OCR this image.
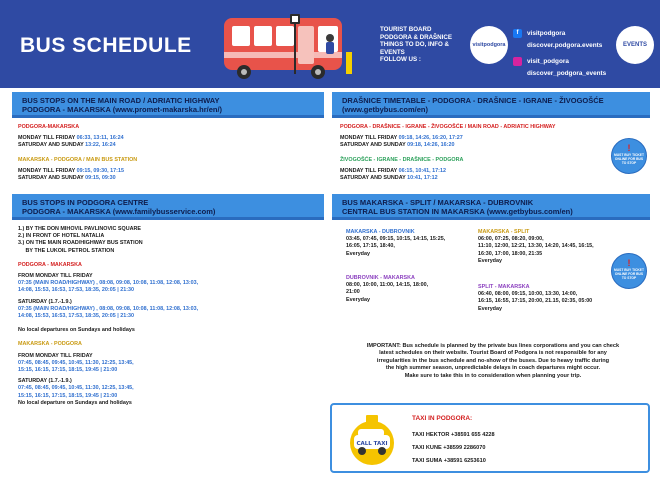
BUS SCHEDULE
TOURIST BOARD
PODGORA & DRAŠNICE
THINGS TO DO, INFO &
EVENTS
FOLLOW US :
visitpodgora
f	visitpodgora
discover.podgora.events
visit_podgora
discover_podgora_events
EVENTS
BUS STOPS ON THE MAIN ROAD / ADRIATIC HIGHWAY
PODGORA - MAKARSKA (www.promet-makarska.hr/en/)
PODGORA-MAKARSKA
MONDAY TILL FRIDAY 06:33, 13:11, 16:24
SATURDAY AND SUNDAY 13:22, 16:24
MAKARSKA - PODGORA / MAIN BUS STATION
MONDAY TILL FRIDAY 09:15, 09:30, 17:15
SATURDAY AND SUNDAY 09:15, 09:30
BUS STOPS IN PODGORA CENTRE
PODGORA - MAKARSKA (www.familybusservice.com)
1.) BY THE DON MIHOVIL PAVLINOVIC SQUARE
2.) IN FRONT OF HOTEL NATALIA
3.) ON THE MAIN ROAD/HIGHWAY BUS STATION
BY THE LUKOIL PETROL STATION
PODGORA - MAKARSKA
FROM MONDAY TILL FRIDAY
07:35 (MAIN ROAD/HIGHWAY) , 08:08, 09:08, 10:08, 11:08, 12:08, 13:03,
14:08, 15:53, 16:53, 17:53, 18:35, 20:05 | 21:30
SATURDAY (1.7.-1.9.)
07:35 (MAIN ROAD/HIGHWAY) , 08:08, 09:08, 10:08, 11:08, 12:08, 13:03,
14:08, 15:53, 16:53, 17:53, 18:35, 20:05 | 21:30
No local departures on Sundays and holidays
MAKARSKA - PODGORA
FROM MONDAY TILL FRIDAY
07:45, 08:45, 09:45, 10:45, 11:30, 12:25, 13:45,
15:15, 16:15, 17:15, 18:15, 19:45 | 21:00
SATURDAY (1.7.-1.9.)
07:45, 08:45, 09:45, 10:45, 11:30, 12:25, 13:45,
15:15, 16:15, 17:15, 18:15, 19:45 | 21:00
No local departure on Sundays and holidays
DRAŠNICE TIMETABLE - PODGORA - DRAŠNICE - IGRANE - ŽIVOGOŠĆE
(www.getbybus.com/en)
PODGORA - DRAŠNICE - IGRANE - ŽIVOGOŠĆE / MAIN ROAD - ADRIATIC HIGHWAY
MONDAY TILL FRIDAY 09:18, 14:26, 16:20, 17:27
SATURDAY AND SUNDAY 09:18, 14:26, 16:20
ŽIVOGOŠĆE - IGRANE - DRAŠNICE - PODGORA
MONDAY TILL FRIDAY 06:15, 10:41, 17:12
SATURDAY AND SUNDAY 10:41, 17:12
!
MUST BUY TICKET
ONLINE FOR BUS
TO STOP
BUS MAKARSKA - SPLIT / MAKARSKA - DUBROVNIK
CENTRAL BUS STATION IN MAKARSKA (www.getbybus.com/en)
MAKARSKA - DUBROVNIK
03:45, 07:45, 09:15, 10:15, 14:15, 15:25,
16:05, 17:15, 18:40,
Everyday
DUBROVNIK - MAKARSKA
08:00, 10:00, 11:00, 14:15, 18:00,
21:00
Everyday
MAKARSKA - SPLIT
06:00, 07:25, 08:20, 09:00,
11:10, 12:00, 12:21, 13:30, 14:20, 14:45, 16:15,
16:30, 17:00, 18:00, 21:35
Everyday
SPLIT - MAKARSKA
06:40, 08:00, 09:15, 10:00, 13:30, 14:00,
16:15, 16:55, 17:15, 20:00, 21.15, 02:35, 05:00
Everyday
!
MUST BUY TICKET
ONLINE FOR BUS
TO STOP
IMPORTANT: Bus schedule is planned by the private bus lines corporations and you can check
latest schedules on their website. Tourist Board of Podgora is not responsible for any
irregularities in the bus schedule and no-show of the buses. Due to heavy traffic during
the high summer season, unpredictable delays in coach departures might occur.
Make sure to take this in to consideration when planning your trip.
CALL TAXI
TAXI IN PODGORA:
TAXI HEKTOR +38591 655 4228
TAXI KUNE +38599 2286070
TAXI SUMA +38591 6253610
